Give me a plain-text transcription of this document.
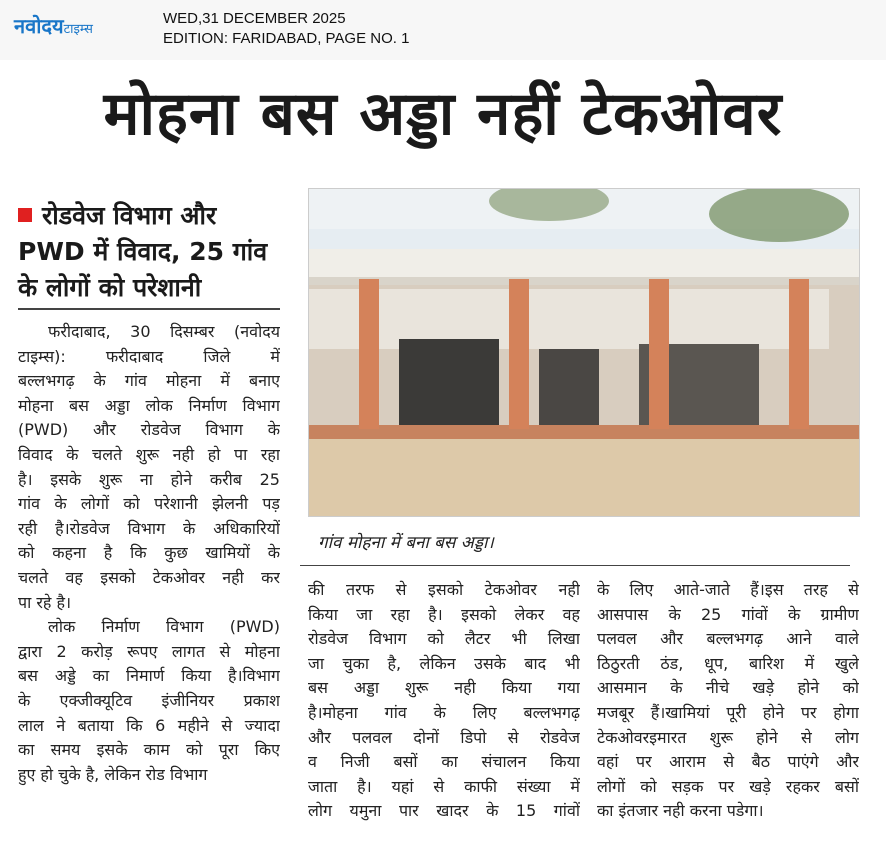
नवोदयटाइम्स
WED,31 DECEMBER 2025
EDITION: FARIDABAD, PAGE NO. 1
मोहना बस अड्डा नहीं टेकओवर
रोडवेज विभाग और PWD में विवाद, 25 गांव के लोगों को परेशानी
गांव मोहना में बना बस अड्डा।
फरीदाबाद, 30 दिसम्बर (नवोदय
टाइम्स): फरीदाबाद जिले में
बल्लभगढ़ के गांव मोहना में बनाए
मोहना बस अड्डा लोक निर्माण विभाग
(PWD) और रोडवेज विभाग के
विवाद के चलते शुरू नही हो पा रहा
है। इसके शुरू ना होने करीब 25
गांव के लोगों को परेशानी झेलनी पड़
रही है।रोडवेज विभाग के अधिकारियों
को कहना है कि कुछ खामियों के
चलते वह इसको टेकओवर नही कर
पा रहे है।
लोक निर्माण विभाग (PWD)
द्वारा 2 करोड़ रूपए लागत से मोहना
बस अड्डे का निमार्ण किया है।विभाग
के एक्जीक्यूटिव इंजीनियर प्रकाश
लाल ने बताया कि 6 महीने से ज्यादा
का समय इसके काम को पूरा किए
हुए हो चुके है, लेकिन रोड विभाग
की तरफ से इसको टेकओवर नही
किया जा रहा है। इसको लेकर वह
रोडवेज विभाग को लैटर भी लिखा
जा चुका है, लेकिन उसके बाद भी
बस अड्डा शुरू नही किया गया
है।मोहना गांव के लिए बल्लभगढ़
और पलवल दोनों डिपो से रोडवेज
व निजी बसों का संचालन किया
जाता है। यहां से काफी संख्या में
लोग यमुना पार खादर के 15 गांवों
के लिए आते-जाते हैं।इस तरह से
आसपास के 25 गांवों के ग्रामीण
पलवल और बल्लभगढ़ आने वाले
ठिठुरती ठंड, धूप, बारिश में खुले
आसमान के नीचे खड़े होने को
मजबूर हैं।खामियां पूरी होने पर होगा
टेकओवरइमारत शुरू होने से लोग
वहां पर आराम से बैठ पाएंगे और
लोगों को सड़क पर खड़े रहकर बसों
का इंतजार नही करना पडेगा।
